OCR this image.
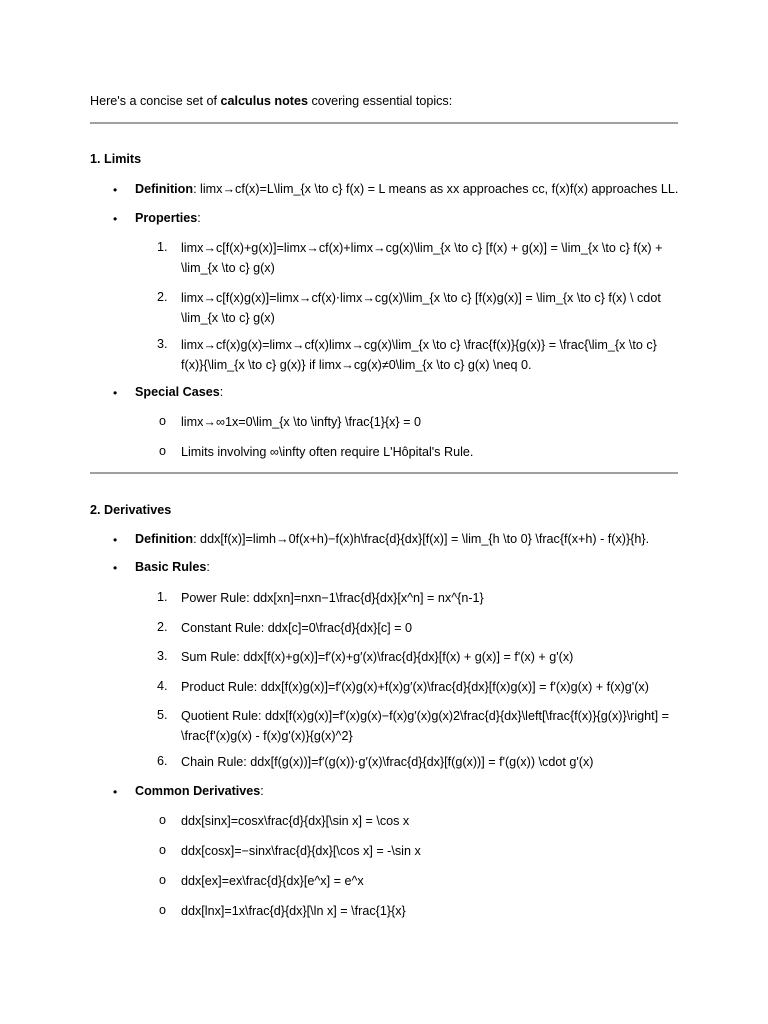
Here's a concise set of calculus notes covering essential topics:
1. Limits
• Definition: limx→cf(x)=L\lim_{x \to c} f(x) = L means as xx approaches cc, f(x)f(x) approaches LL.
• Properties:
1. limx→c[f(x)+g(x)]=limx→cf(x)+limx→cg(x)\lim_{x \to c} [f(x) + g(x)] = \lim_{x \to c} f(x) + \lim_{x \to c} g(x)
2. limx→c[f(x)g(x)]=limx→cf(x)⋅limx→cg(x)\lim_{x \to c} [f(x)g(x)] = \lim_{x \to c} f(x) \ cdot \lim_{x \to c} g(x)
3. limx→cf(x)g(x)=limx→cf(x)limx→cg(x)\lim_{x \to c} \frac{f(x)}{g(x)} = \frac{\lim_{x \to c} f(x)}{\lim_{x \to c} g(x)} if limx→cg(x)≠0\lim_{x \to c} g(x) \neq 0.
• Special Cases:
o limx→∞1x=0\lim_{x \to \infty} \frac{1}{x} = 0
o Limits involving ∞\infty often require L'Hôpital's Rule.
2. Derivatives
• Definition: ddx[f(x)]=limh→0f(x+h)−f(x)h\frac{d}{dx}[f(x)] = \lim_{h \to 0} \frac{f(x+h) - f(x)}{h}.
• Basic Rules:
1. Power Rule: ddx[xn]=nxn−1\frac{d}{dx}[x^n] = nx^{n-1}
2. Constant Rule: ddx[c]=0\frac{d}{dx}[c] = 0
3. Sum Rule: ddx[f(x)+g(x)]=f′(x)+g′(x)\frac{d}{dx}[f(x) + g(x)] = f'(x) + g'(x)
4. Product Rule: ddx[f(x)g(x)]=f′(x)g(x)+f(x)g′(x)\frac{d}{dx}[f(x)g(x)] = f'(x)g(x) + f(x)g'(x)
5. Quotient Rule: ddx[f(x)g(x)]=f′(x)g(x)−f(x)g′(x)g(x)2\frac{d}{dx}\left[\frac{f(x)}{g(x)}\right] = \frac{f'(x)g(x) - f(x)g'(x)}{g(x)^2}
6. Chain Rule: ddx[f(g(x))]=f′(g(x))⋅g′(x)\frac{d}{dx}[f(g(x))] = f'(g(x)) \cdot g'(x)
• Common Derivatives:
o ddx[sinx]=cosx\frac{d}{dx}[\sin x] = \cos x
o ddx[cosx]=−sinx\frac{d}{dx}[\cos x] = -\sin x
o ddx[ex]=ex\frac{d}{dx}[e^x] = e^x
o ddx[lnx]=1x\frac{d}{dx}[\ln x] = \frac{1}{x}
